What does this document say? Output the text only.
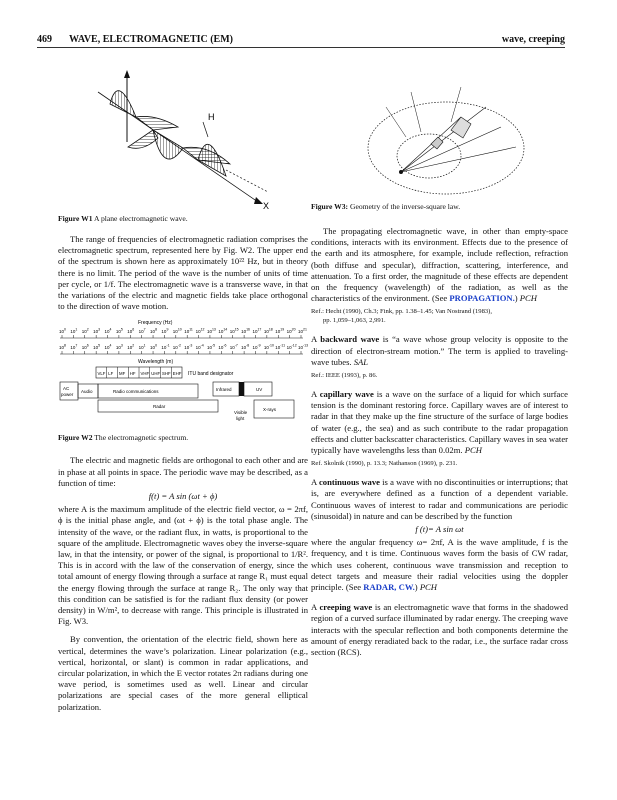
469 WAVE, ELECTROMAGNETIC (EM)	wave, creeping
H
X

Figure W1 A plane electromagnetic wave.

The range of frequencies of electromagnetic radiation comprises the electromagnetic spectrum, represented here by Fig. W2. The upper end of the spectrum is shown here as approximately 10²² Hz, but in theory there is no limit. The period of the wave is the number of units of time per cycle, or 1/f. The electromagnetic wave is a transverse wave, in that the variations of the electric and magnetic fields take place orthogonal to the direction of wave motion.

Frequency (Hz)
Wavelength (m)
$10^0$ $10^1$ $10^2$ $10^3$ $10^4$ $10^5$ $10^6$ $10^7$ $10^8$ $10^9$ $10^{10}$ $10^{11}$ $10^{12}$ $10^{13}$ $10^{14}$ $10^{15}$ $10^{16}$ $10^{17}$ $10^{18}$ $10^{19}$ $10^{20}$ $10^{21}$
$10^8$ $10^7$ $10^6$ $10^5$ $10^4$ $10^3$ $10^2$ $10^1$ $10^0$ $10^{-1}$ $10^{-2}$ $10^{-3}$ $10^{-4}$ $10^{-5}$ $10^{-6}$ $10^{-7}$ $10^{-8}$ $10^{-9}$ $10^{-10}$ $10^{-11}$ $10^{-12}$ $10^{-13}$
VLF LF MF HF VHF UHF SHF EHF ITU band designator
AC
power
Audio	Radio communications	Infrared	UV
Radar
X-rays
Visible
light

Figure W2 The electromagnetic spectrum.

The electric and magnetic fields are orthogonal to each other and are in phase at all points in space. The periodic wave may be described, as a function of time:

f(t) = A sin (ωt + ϕ)

where A is the maximum amplitude of the electric field vector, ω = 2πf, ϕ is the initial phase angle, and (ωt + ϕ) is the total phase angle. The intensity of the wave, or the radiant flux, in watts, is proportional to the square of the amplitude. Electromagnetic waves obey the inverse-square law, in that the intensity, or power of the signal, is proportional to 1/R². This is in accord with the law of the conservation of energy, since the total amount of energy flowing through a surface at range R₁ must equal the energy flowing through the surface at range R₂. The only way that this condition can be satisfied is for the radiant flux density (or power density) in W/m², to decrease with range. This principle is illustrated in Fig. W3.

By convention, the orientation of the electric field, shown here as vertical, determines the wave’s polarization. Linear polarization (e.g., vertical, horizontal, or slant) is common in radar applications, and circular polarization, in which the E vector rotates 2π radians during one wave period, is sometimes used as well. Linear and circular polarizations are special cases of the more general elliptical polarization.

Figure W3: Geometry of the inverse-square law.

The propagating electromagnetic wave, in other than empty-space conditions, interacts with its environment. Effects due to the presence of the earth and its atmosphere, for example, include reflection, refraction (both diffuse and specular), diffraction, scattering, interference, and attenuation. To a first order, the magnitude of these effects are dependent on the frequency (wavelength) of the radiation, as well as the characteristics of the environment. (See PROPAGATION.) PCH

Ref.: Hecht (1990), Ch.3; Fink, pp. 1.38–1.45; Van Nostrand (1983),
pp. 1,059–1,063, 2,991.

A backward wave is “a wave whose group velocity is opposite to the direction of electron-stream motion.” The term is applied to traveling-wave tubes. SAL

Ref.: IEEE (1993), p. 86.

A capillary wave is a wave on the surface of a liquid for which surface tension is the dominant restoring force. Capillary waves are of interest to radar in that they make up the fine structure of the surface of large bodies of water (e.g., the sea) and as such contribute to the radar propagation effects and clutter backscatter characteristics. Capillary waves in sea water typically have wavelengths less than 0.02m. PCH

Ref. Skolnik (1990), p. 13.3; Nathanson (1969), p. 231.

A continuous wave is a wave with no discontinuities or interruptions; that is, are everywhere defined as a function of a dependent variable. Continuous waves of interest to radar and communications are periodic (sinusoidal) in nature and can be described by the function

f (t)= A sin ωt

where the angular frequency ω= 2πf, A is the wave amplitude, f is the frequency, and t is time. Continuous waves form the basis of CW radar, which uses coherent, continuous wave transmission and reception to detect targets and measure their radial velocities using the doppler principle. (See RADAR, CW.) PCH

A creeping wave is an electromagnetic wave that forms in the shadowed region of a curved surface illuminated by radar energy. The creeping wave interacts with the specular reflection and both components determine the amount of energy reradiated back to the radar, i.e., the surface radar cross section (RCS).
